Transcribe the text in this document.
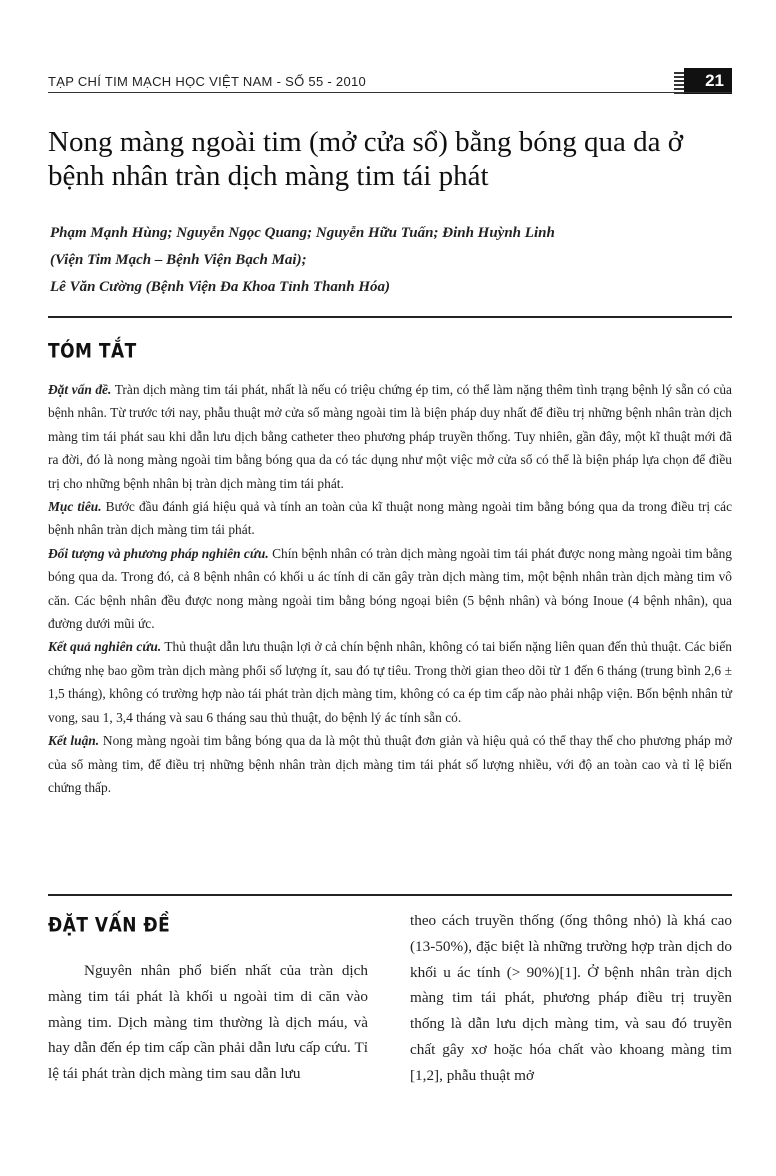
TẠP CHÍ TIM MẠCH HỌC VIỆT NAM - SỐ 55 - 2010	21
Nong màng ngoài tim (mở cửa sổ) bằng bóng qua da ở bệnh nhân tràn dịch màng tim tái phát
Phạm Mạnh Hùng; Nguyễn Ngọc Quang; Nguyễn Hữu Tuấn; Đinh Huỳnh Linh
(Viện Tim Mạch – Bệnh Viện Bạch Mai);
Lê Văn Cường (Bệnh Viện Đa Khoa Tỉnh Thanh Hóa)
TÓM TẮT

Đặt vấn đề. Tràn dịch màng tim tái phát, nhất là nếu có triệu chứng ép tim, có thể làm nặng thêm tình trạng bệnh lý sẵn có của bệnh nhân. Từ trước tới nay, phẫu thuật mở cửa sổ màng ngoài tim là biện pháp duy nhất để điều trị những bệnh nhân tràn dịch màng tim tái phát sau khi dẫn lưu dịch bằng catheter theo phương pháp truyền thống. Tuy nhiên, gần đây, một kĩ thuật mới đã ra đời, đó là nong màng ngoài tim bằng bóng qua da có tác dụng như một việc mở cửa sổ có thể là biện pháp lựa chọn để điều trị cho những bệnh nhân bị tràn dịch màng tim tái phát.

Mục tiêu. Bước đầu đánh giá hiệu quả và tính an toàn của kĩ thuật nong màng ngoài tim bằng bóng qua da trong điều trị các bệnh nhân tràn dịch màng tim tái phát.

Đối tượng và phương pháp nghiên cứu. Chín bệnh nhân có tràn dịch màng ngoài tim tái phát được nong màng ngoài tim bằng bóng qua da. Trong đó, cả 8 bệnh nhân có khối u ác tính di căn gây tràn dịch màng tim, một bệnh nhân tràn dịch màng tim vô căn. Các bệnh nhân đều được nong màng ngoài tim bằng bóng ngoại biên (5 bệnh nhân) và bóng Inoue (4 bệnh nhân), qua đường dưới mũi ức.

Kết quả nghiên cứu. Thủ thuật dẫn lưu thuận lợi ở cả chín bệnh nhân, không có tai biến nặng liên quan đến thủ thuật. Các biến chứng nhẹ bao gồm tràn dịch màng phổi số lượng ít, sau đó tự tiêu. Trong thời gian theo dõi từ 1 đến 6 tháng (trung bình 2,6 ± 1,5 tháng), không có trường hợp nào tái phát tràn dịch màng tim, không có ca ép tim cấp nào phải nhập viện. Bốn bệnh nhân tử vong, sau 1, 3,4 tháng và sau 6 tháng sau thủ thuật, do bệnh lý ác tính sẵn có.

Kết luận. Nong màng ngoài tim bằng bóng qua da là một thủ thuật đơn giản và hiệu quả có thể thay thế cho phương pháp mở của sổ màng tim, để điều trị những bệnh nhân tràn dịch màng tim tái phát số lượng nhiều, với độ an toàn cao và tỉ lệ biến chứng thấp.

ĐẶT VẤN ĐỀ

Nguyên nhân phổ biến nhất của tràn dịch màng tim tái phát là khối u ngoài tim di căn vào màng tim. Dịch màng tim thường là dịch máu, và hay dẫn đến ép tim cấp cần phải dẫn lưu cấp cứu. Tỉ lệ tái phát tràn dịch màng tim sau dẫn lưu

theo cách truyền thống (ống thông nhỏ) là khá cao (13-50%), đặc biệt là những trường hợp tràn dịch do khối u ác tính (> 90%)[1]. Ở bệnh nhân tràn dịch màng tim tái phát, phương pháp điều trị truyền thống là dẫn lưu dịch màng tim, và sau đó truyền chất gây xơ hoặc hóa chất vào khoang màng tim [1,2], phẫu thuật mở
